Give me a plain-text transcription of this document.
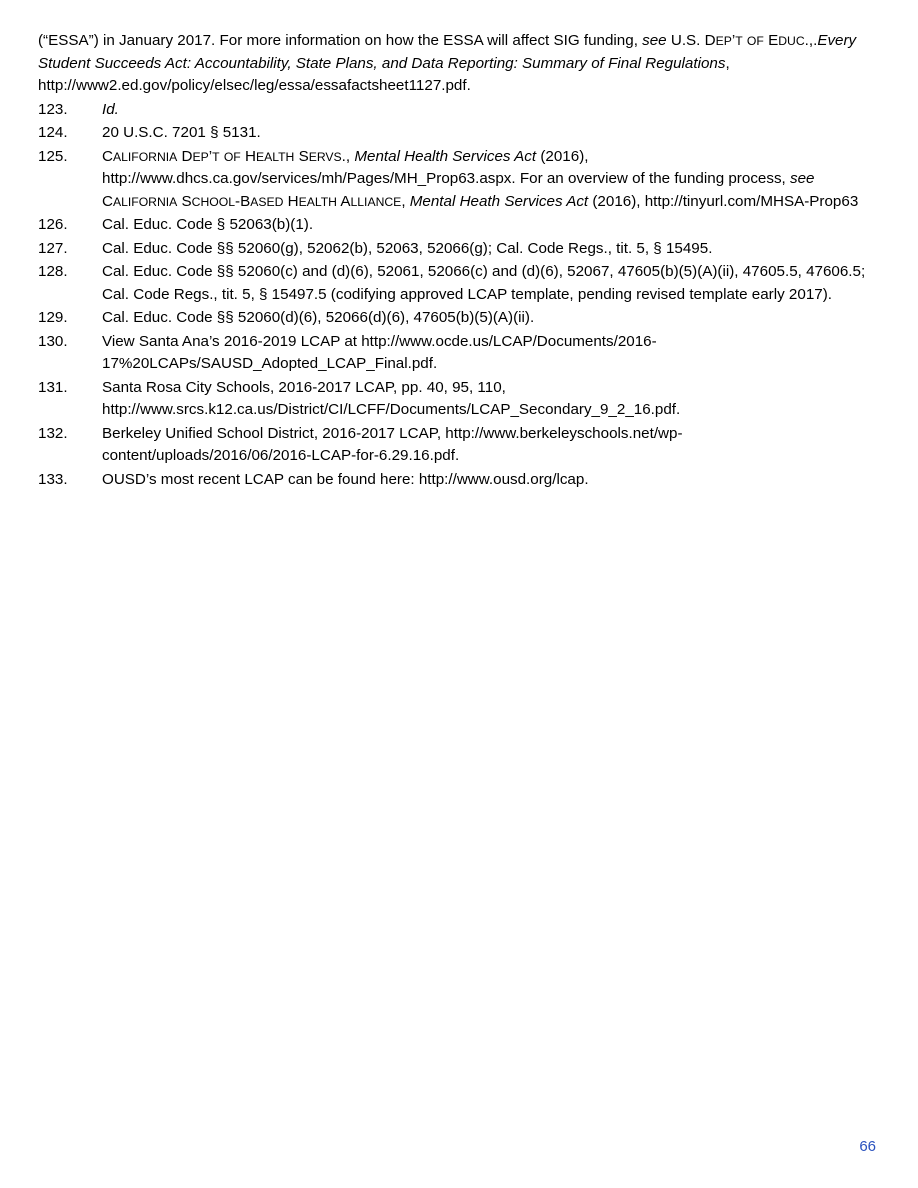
(“ESSA”) in January 2017. For more information on how the ESSA will affect SIG funding, see U.S. DEP’T OF EDUC.,.Every Student Succeeds Act: Accountability, State Plans, and Data Reporting: Summary of Final Regulations, http://www2.ed.gov/policy/elsec/leg/essa/essafactsheet1127.pdf.
123.	Id.
124.	20 U.S.C. 7201 § 5131.
125.	CALIFORNIA DEP’T OF HEALTH SERVS., Mental Health Services Act (2016), http://www.dhcs.ca.gov/services/mh/Pages/MH_Prop63.aspx. For an overview of the funding process, see CALIFORNIA SCHOOL-BASED HEALTH ALLIANCE, Mental Heath Services Act (2016), http://tinyurl.com/MHSA-Prop63
126.	Cal. Educ. Code § 52063(b)(1).
127.	Cal. Educ. Code §§ 52060(g), 52062(b), 52063, 52066(g); Cal. Code Regs., tit. 5, § 15495.
128.	Cal. Educ. Code §§ 52060(c) and (d)(6), 52061, 52066(c) and (d)(6), 52067, 47605(b)(5)(A)(ii), 47605.5, 47606.5; Cal. Code Regs., tit. 5, § 15497.5 (codifying approved LCAP template, pending revised template early 2017).
129.	Cal. Educ. Code §§ 52060(d)(6), 52066(d)(6), 47605(b)(5)(A)(ii).
130.	View Santa Ana’s 2016-2019 LCAP at http://www.ocde.us/LCAP/Documents/2016-17%20LCAPs/SAUSD_Adopted_LCAP_Final.pdf.
131.	Santa Rosa City Schools, 2016-2017 LCAP, pp. 40, 95, 110, http://www.srcs.k12.ca.us/District/CI/LCFF/Documents/LCAP_Secondary_9_2_16.pdf.
132.	Berkeley Unified School District, 2016-2017 LCAP, http://www.berkeleyschools.net/wp-content/uploads/2016/06/2016-LCAP-for-6.29.16.pdf.
133.	OUSD’s most recent LCAP can be found here: http://www.ousd.org/lcap.
66
